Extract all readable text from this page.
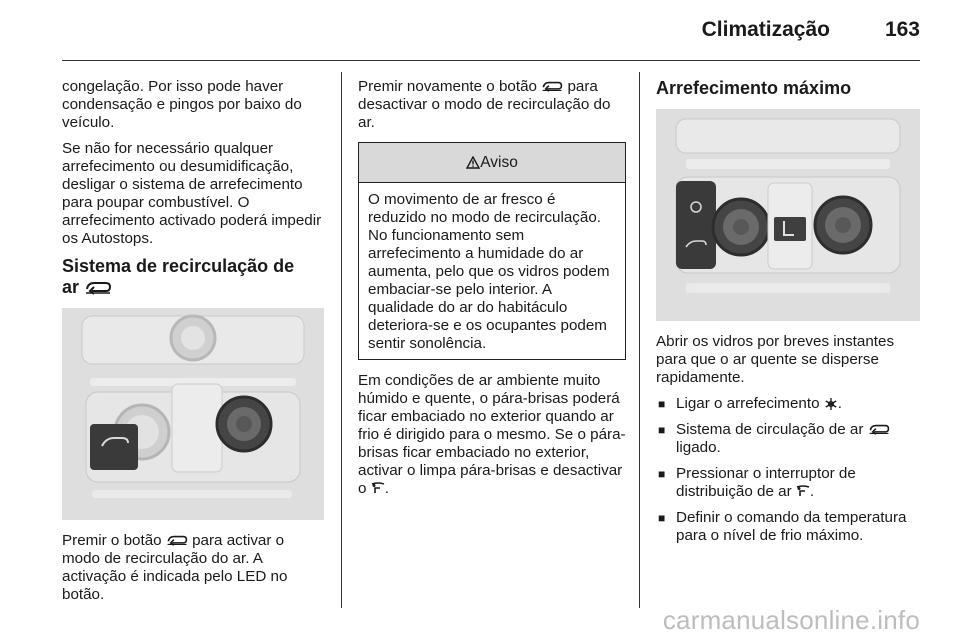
Climatização	163

congelação. Por isso pode haver condensação e pingos por baixo do veículo.

Se não for necessário qualquer arrefecimento ou desumidificação, desligar o sistema de arrefecimento para poupar combustível. O arrefecimento activado poderá impedir os Autostops.

Sistema de recirculação de
ar

Premir o botão para activar o modo de recirculação do ar. A activação é indicada pelo LED no botão.

Premir novamente o botão para desactivar o modo de recirculação do ar.

Aviso
O movimento de ar fresco é reduzido no modo de recirculação. No funcionamento sem arrefecimento a humidade do ar aumenta, pelo que os vidros podem embaciar-se pelo interior. A qualidade do ar do habitáculo deteriora-se e os ocupantes podem sentir sonolência.

Em condições de ar ambiente muito húmido e quente, o pára-brisas poderá ficar embaciado no exterior quando ar frio é dirigido para o mesmo. Se o pára-brisas ficar embaciado no exterior, activar o limpa pára-brisas e desactivar o .

Arrefecimento máximo

Abrir os vidros por breves instantes para que o ar quente se disperse rapidamente.

■ Ligar o arrefecimento .
■ Sistema de circulação de ar  ligado.
■ Pressionar o interruptor de distribuição de ar .
■ Definir o comando da temperatura para o nível de frio máximo.
carmanualsonline.info
